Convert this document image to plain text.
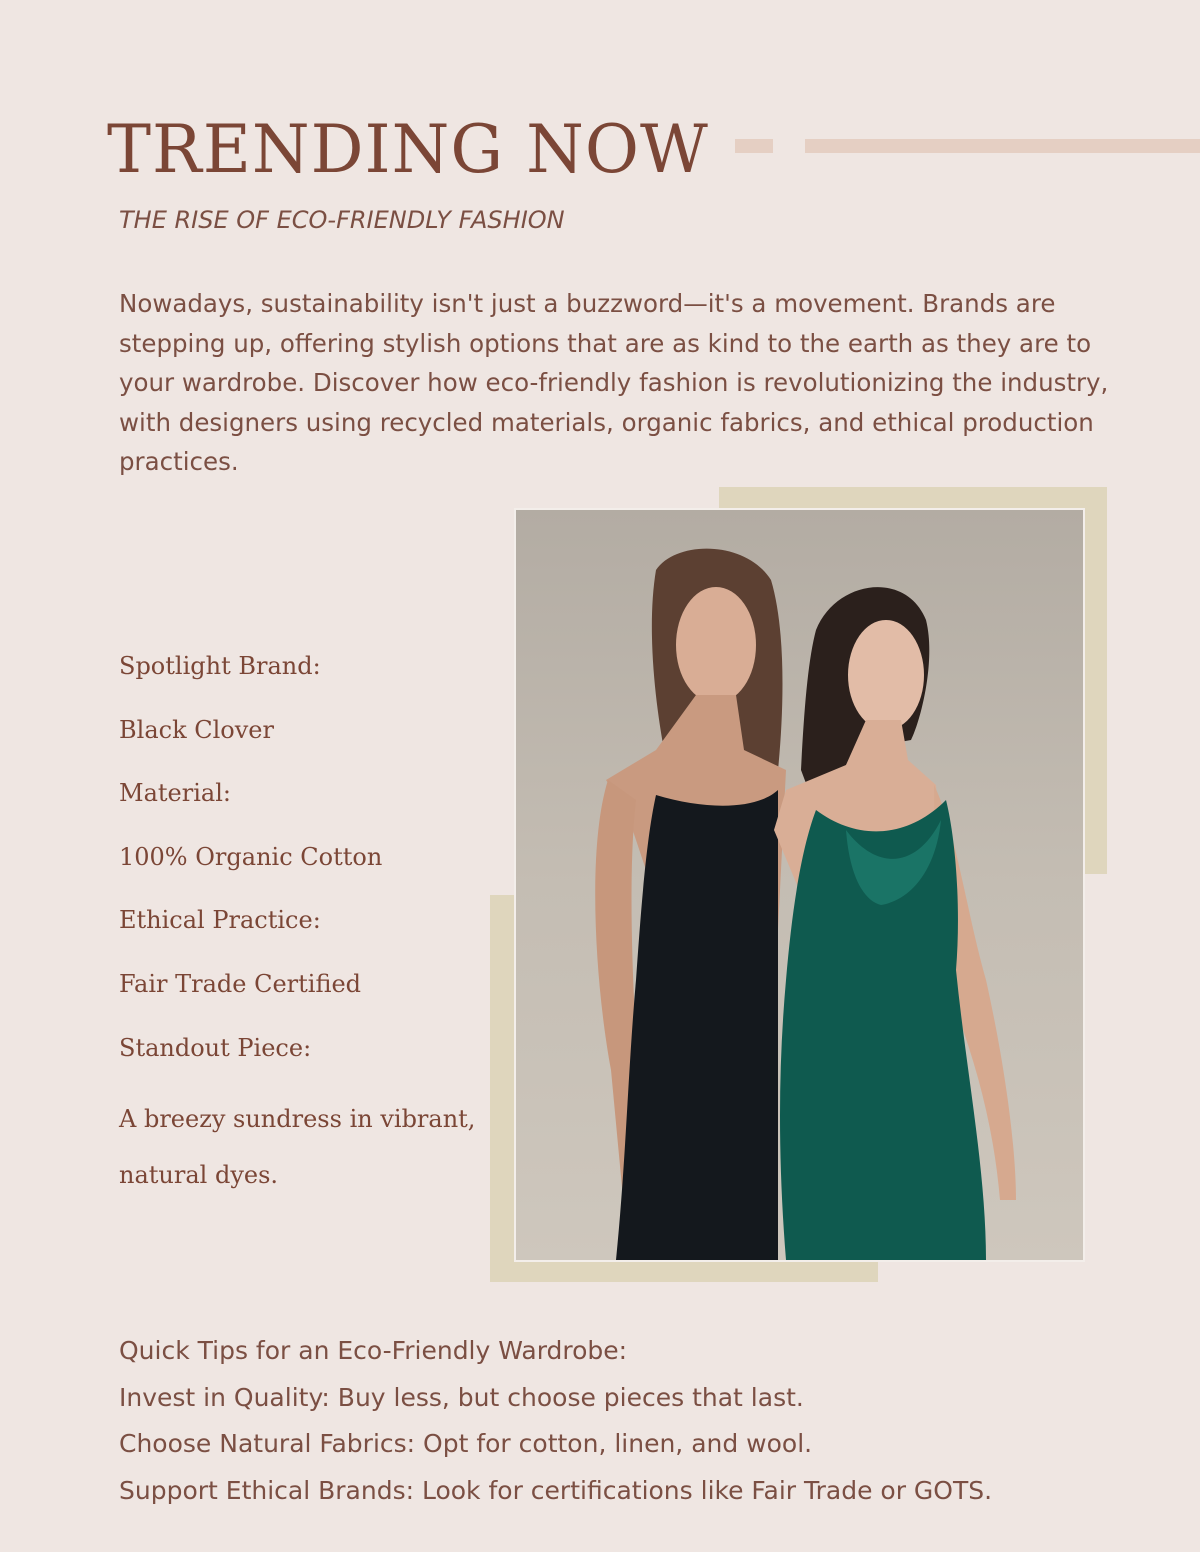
TRENDING NOW

THE RISE OF ECO-FRIENDLY FASHION

Nowadays, sustainability isn't just a buzzword—it's a movement. Brands are stepping up, offering stylish options that are as kind to the earth as they are to your wardrobe. Discover how eco-friendly fashion is revolutionizing the industry, with designers using recycled materials, organic fabrics, and ethical production practices.

Spotlight Brand:
Black Clover
Material:
100% Organic Cotton
Ethical Practice:
Fair Trade Certified
Standout Piece:
A breezy sundress in vibrant, natural dyes.
Quick Tips for an Eco-Friendly Wardrobe:
Invest in Quality: Buy less, but choose pieces that last.
Choose Natural Fabrics: Opt for cotton, linen, and wool.
Support Ethical Brands: Look for certifications like Fair Trade or GOTS.
